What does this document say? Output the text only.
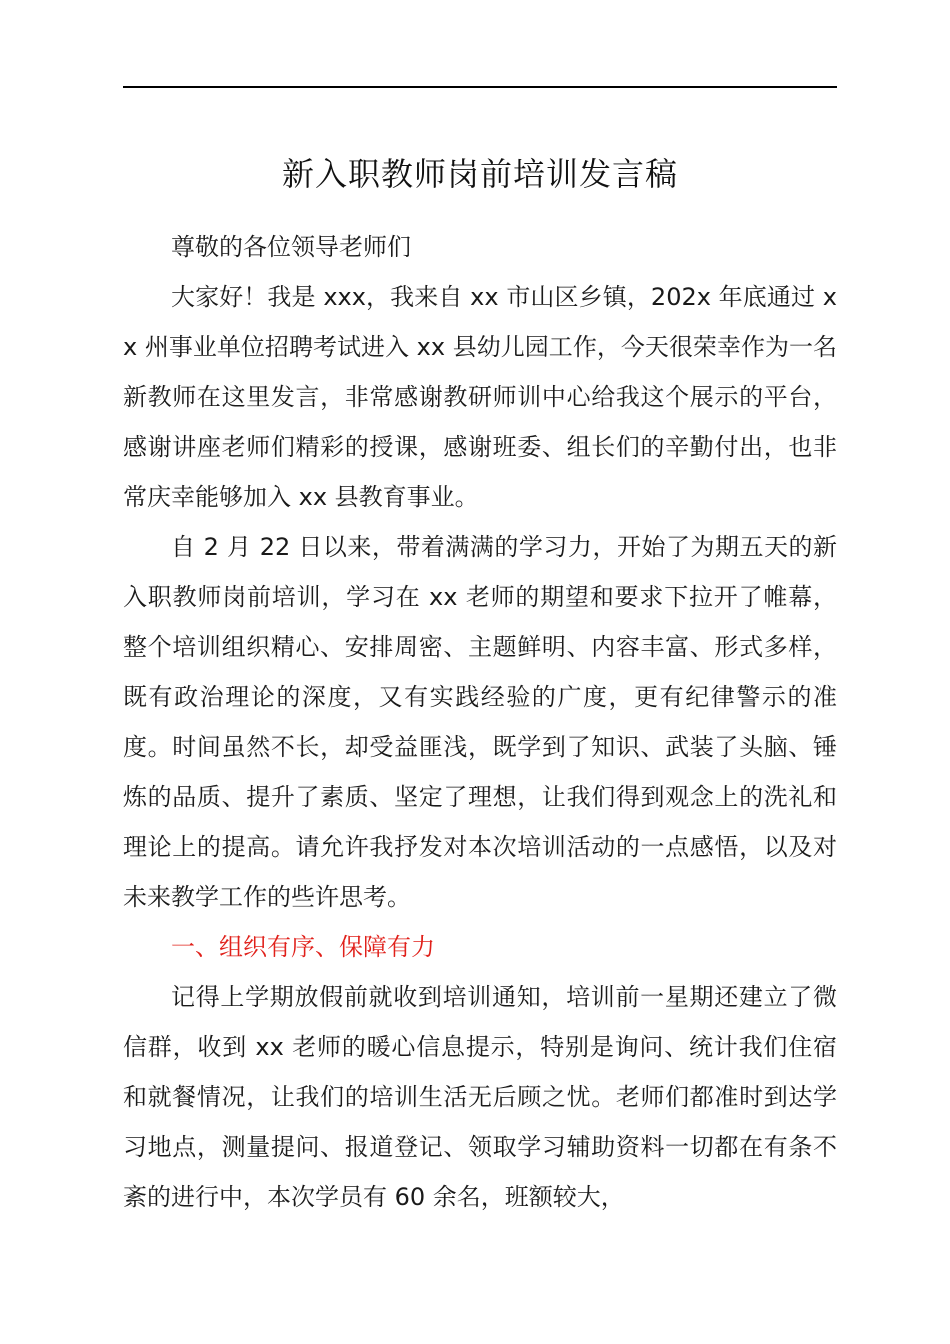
新入职教师岗前培训发言稿

尊敬的各位领导老师们

大家好！我是 xxx，我来自 xx 市山区乡镇，202x 年底通过 xx 州事业单位招聘考试进入 xx 县幼儿园工作，今天很荣幸作为一名新教师在这里发言，非常感谢教研师训中心给我这个展示的平台，感谢讲座老师们精彩的授课，感谢班委、组长们的辛勤付出，也非常庆幸能够加入 xx 县教育事业。

自 2 月 22 日以来，带着满满的学习力，开始了为期五天的新入职教师岗前培训，学习在 xx 老师的期望和要求下拉开了帷幕，整个培训组织精心、安排周密、主题鲜明、内容丰富、形式多样，既有政治理论的深度，又有实践经验的广度，更有纪律警示的准度。时间虽然不长，却受益匪浅，既学到了知识、武装了头脑、锤炼的品质、提升了素质、坚定了理想，让我们得到观念上的洗礼和理论上的提高。请允许我抒发对本次培训活动的一点感悟，以及对未来教学工作的些许思考。

一、组织有序、保障有力

记得上学期放假前就收到培训通知，培训前一星期还建立了微信群，收到 xx 老师的暖心信息提示，特别是询问、统计我们住宿和就餐情况，让我们的培训生活无后顾之忧。老师们都准时到达学习地点，测量提问、报道登记、领取学习辅助资料一切都在有条不紊的进行中，本次学员有 60 余名，班额较大，
